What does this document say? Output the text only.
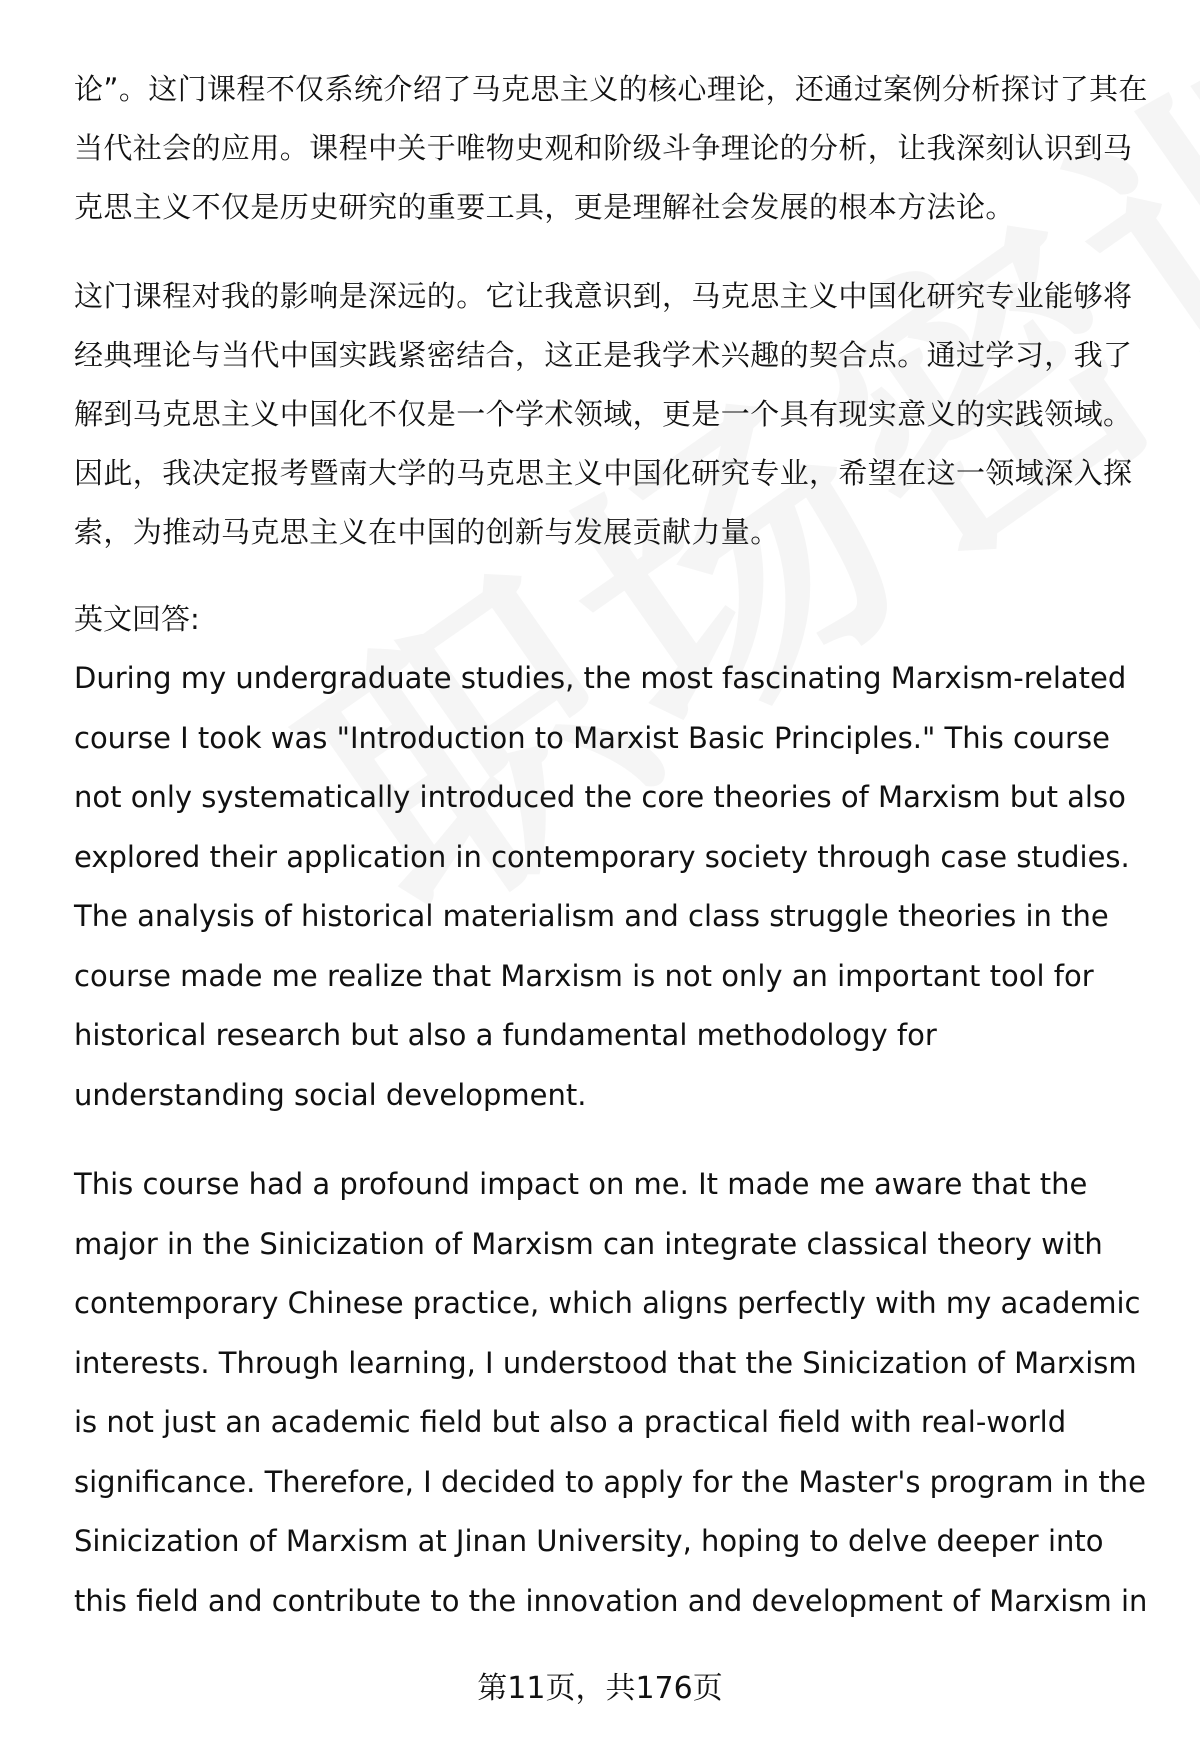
论”。这门课程不仅系统介绍了马克思主义的核心理论，还通过案例分析探讨了其在当代社会的应用。课程中关于唯物史观和阶级斗争理论的分析，让我深刻认识到马克思主义不仅是历史研究的重要工具，更是理解社会发展的根本方法论。

这门课程对我的影响是深远的。它让我意识到，马克思主义中国化研究专业能够将经典理论与当代中国实践紧密结合，这正是我学术兴趣的契合点。通过学习，我了解到马克思主义中国化不仅是一个学术领域，更是一个具有现实意义的实践领域。因此，我决定报考暨南大学的马克思主义中国化研究专业，希望在这一领域深入探索，为推动马克思主义在中国的创新与发展贡献力量。

英文回答:

During my undergraduate studies, the most fascinating Marxism-related course I took was "Introduction to Marxist Basic Principles." This course not only systematically introduced the core theories of Marxism but also explored their application in contemporary society through case studies. The analysis of historical materialism and class struggle theories in the course made me realize that Marxism is not only an important tool for historical research but also a fundamental methodology for understanding social development.

This course had a profound impact on me. It made me aware that the major in the Sinicization of Marxism can integrate classical theory with contemporary Chinese practice, which aligns perfectly with my academic interests. Through learning, I understood that the Sinicization of Marxism is not just an academic field but also a practical field with real-world significance. Therefore, I decided to apply for the Master's program in the Sinicization of Marxism at Jinan University, hoping to delve deeper into this field and contribute to the innovation and development of Marxism in

第11页，共176页
